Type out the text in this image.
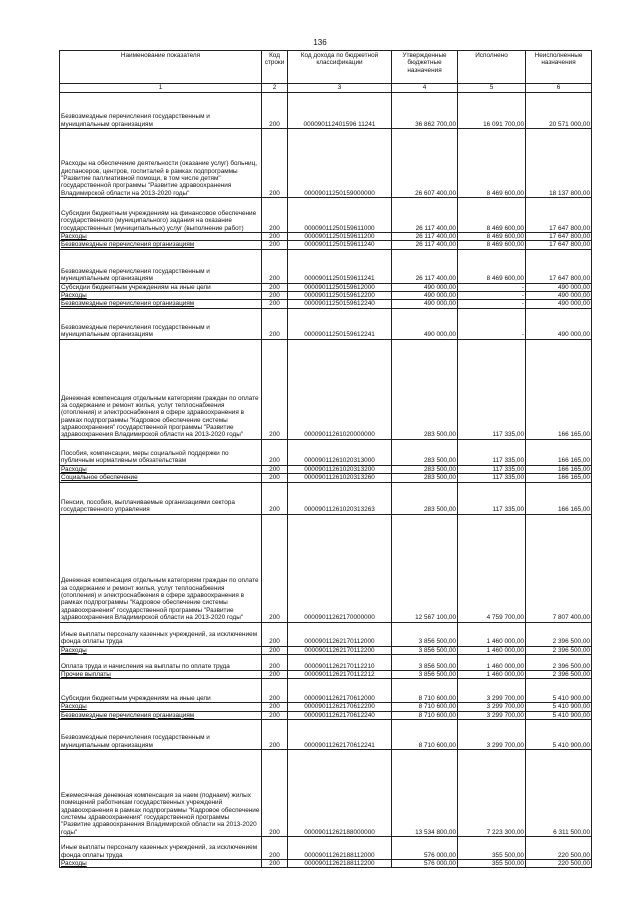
136
Наименование показателя	Код строки	Код дохода по бюджетной классификации	Утвержденные бюджетные назначения	Исполнено	Неисполненные назначения
1	2	3	4	5	6
Безвозмездные перечисления государственным и муниципальным организациям	200	000090112401596 11241	36 862 700,00	16 091 700,00	20 571 000,00
Расходы на обеспечение деятельности (оказание услуг) больниц, диспансеров, центров, госпиталей в рамках подпрограммы "Развитие паллиативной помощи, в том числе детям" государственной программы "Развитие здравоохранения Владимирской области на 2013-2020 годы"	200	00009011250159000000	26 607 400,00	8 469 600,00	18 137 800,00
Субсидии бюджетным учреждениям на финансовое обеспечение государственного (муниципального) задания на оказание государственных (муниципальных) услуг (выполнение работ)	200	00009011250159611000	26 117 400,00	8 469 600,00	17 647 800,00
Расходы	200	00009011250159611200	26 117 400,00	8 469 600,00	17 647 800,00
Безвозмездные перечисления организациям	200	00009011250159611240	26 117 400,00	8 469 600,00	17 647 800,00
Безвозмездные перечисления государственным и муниципальным организациям	200	00009011250159611241	26 117 400,00	8 469 600,00	17 647 800,00
Субсидии бюджетным учреждениям на иные цели	200	00009011250159612000	490 000,00	-	490 000,00
Расходы	200	00009011250159612200	490 000,00	-	490 000,00
Безвозмездные перечисления организациям	200	00009011250159612240	490 000,00	-	490 000,00
Безвозмездные перечисления государственным и муниципальным организациям	200	00009011250159612241	490 000,00	-	490 000,00
Денежная компенсация отдельным категориям граждан по оплате за содержание и ремонт жилья, услуг теплоснабжения (отопления) и электроснабжения в сфере здравоохранения в рамках подпрограммы "Кадровое обеспечение системы здравоохранения" государственной программы "Развитие здравоохранения Владимирской области на 2013-2020 годы"	200	00009011261020000000	283 500,00	117 335,00	166 165,00
Пособия, компенсации, меры социальной поддержки по публичным нормативным обязательствам	200	00009011261020313000	283 500,00	117 335,00	166 165,00
Расходы	200	00009011261020313200	283 500,00	117 335,00	166 165,00
Социальное обеспечение	200	00009011261020313260	283 500,00	117 335,00	166 165,00
Пенсии, пособия, выплачиваемые организациями сектора государственного управления	200	00009011261020313263	283 500,00	117 335,00	166 165,00
Денежная компенсация отдельным категориям граждан по оплате за содержание и ремонт жилья, услуг теплоснабжения (отопления) и электроснабжения в сфере здравоохранения в рамках подпрограммы "Кадровое обеспечение системы здравоохранения" государственной программы "Развитие здравоохранения Владимирской области на 2013-2020 годы"	200	00009011262170000000	12 567 100,00	4 759 700,00	7 807 400,00
Иные выплаты персоналу казенных учреждений, за исключением фонда оплаты труда	200	00009011262170112000	3 856 500,00	1 460 000,00	2 396 500,00
Расходы	200	00009011262170112200	3 856 500,00	1 460 000,00	2 396 500,00
Оплата труда и начисления на выплаты по оплате труда	200	00009011262170112210	3 856 500,00	1 460 000,00	2 396 500,00
Прочие выплаты	200	00009011262170112212	3 856 500,00	1 460 000,00	2 396 500,00
Субсидии бюджетным учреждениям на иные цели	200	00009011262170612000	8 710 600,00	3 299 700,00	5 410 900,00
Расходы	200	00009011262170612200	8 710 600,00	3 299 700,00	5 410 900,00
Безвозмездные перечисления организациям	200	00009011262170612240	8 710 600,00	3 299 700,00	5 410 900,00
Безвозмездные перечисления государственным и муниципальным организациям	200	00009011262170612241	8 710 600,00	3 299 700,00	5 410 900,00
Ежемесячная денежная компенсация за наем (поднаем) жилых помещений работникам государственных учреждений здравоохранения в рамках подпрограммы "Кадровое обеспечение системы здравоохранения" государственной программы "Развитие здравоохранения Владимирской области на 2013-2020 годы"	200	00009011262188000000	13 534 800,00	7 223 300,00	6 311 500,00
Иные выплаты персоналу казенных учреждений, за исключением фонда оплаты труда	200	00009011262188112000	576 000,00	355 500,00	220 500,00
Расходы	200	00009011262188112200	576 000,00	355 500,00	220 500,00
